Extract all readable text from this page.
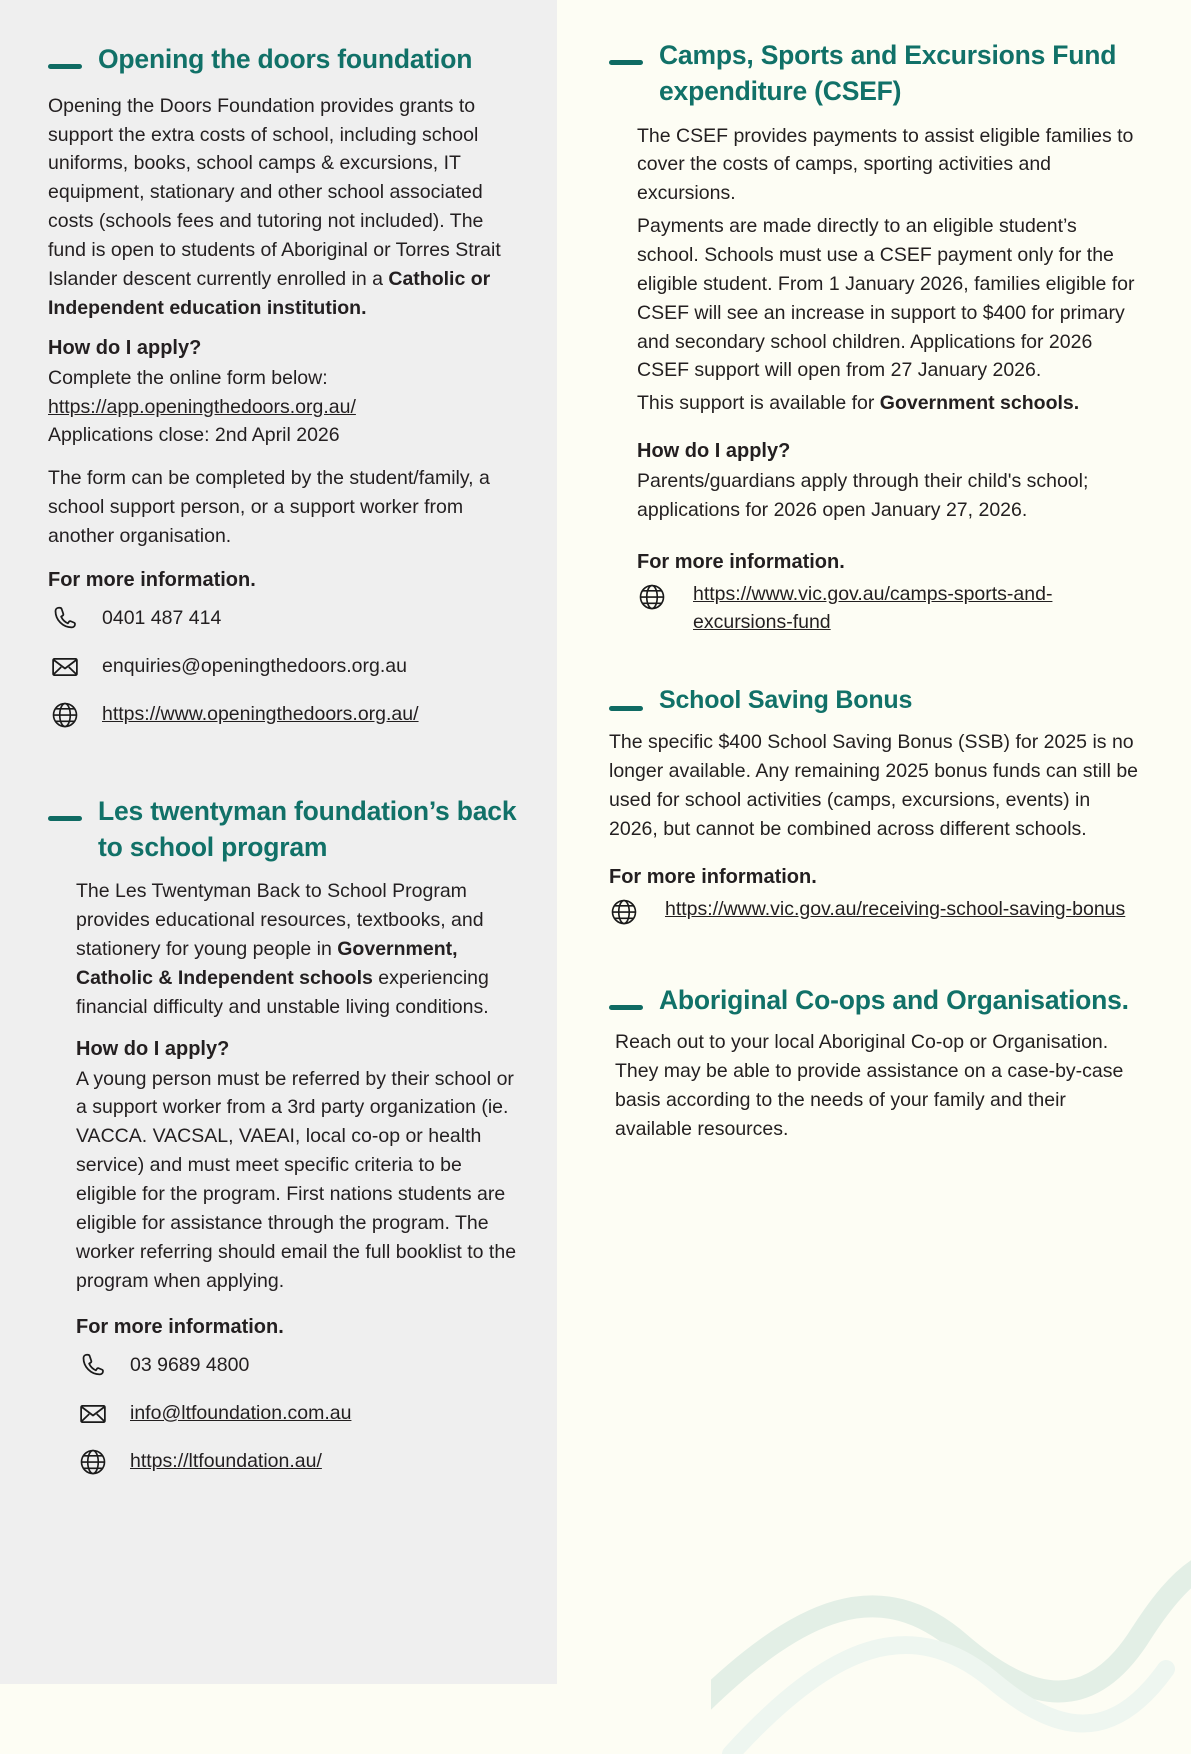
Opening the doors foundation

Opening the Doors Foundation provides grants to support the extra costs of school, including school uniforms, books, school camps & excursions, IT equipment, stationary and other school associated costs (schools fees and tutoring not included). The fund is open to students of Aboriginal or Torres Strait Islander descent currently enrolled in a Catholic or Independent education institution.

How do I apply?

Complete the online form below:

https://app.openingthedoors.org.au/

Applications close: 2nd April 2026

The form can be completed by the student/family, a school support person, or a support worker from another organisation.

For more information.

0401 487 414
enquiries@openingthedoors.org.au
https://www.openingthedoors.org.au/
Les twentyman foundation’s back to school program

The Les Twentyman Back to School Program provides educational resources, textbooks, and stationery for young people in Government, Catholic & Independent schools experiencing financial difficulty and unstable living conditions.

How do I apply?

A young person must be referred by their school or a support worker from a 3rd party organization (ie. VACCA. VACSAL, VAEAI, local co-op or health service) and must meet specific criteria to be eligible for the program. First nations students are eligible for assistance through the program. The worker referring should email the full booklist to the program when applying.

For more information.

03 9689 4800
info@ltfoundation.com.au
https://ltfoundation.au/
Camps, Sports and Excursions Fund expenditure (CSEF)

The CSEF provides payments to assist eligible families to cover the costs of camps, sporting activities and excursions.

Payments are made directly to an eligible student’s school. Schools must use a CSEF payment only for the eligible student. From 1 January 2026, families eligible for CSEF will see an increase in support to $400 for primary and secondary school children. Applications for 2026 CSEF support will open from 27 January 2026.

This support is available for Government schools.

How do I apply?

Parents/guardians apply through their child's school; applications for 2026 open January 27, 2026.

For more information.

https://www.vic.gov.au/camps-sports-and-excursions-fund
School Saving Bonus

The specific $400 School Saving Bonus (SSB) for 2025 is no longer available. Any remaining 2025 bonus funds can still be used for school activities (camps, excursions, events) in 2026, but cannot be combined across different schools.

For more information.

https://www.vic.gov.au/receiving-school-saving-bonus
Aboriginal Co-ops and Organisations.

Reach out to your local Aboriginal Co-op or Organisation. They may be able to provide assistance on a case-by-case basis according to the needs of your family and their available resources.
